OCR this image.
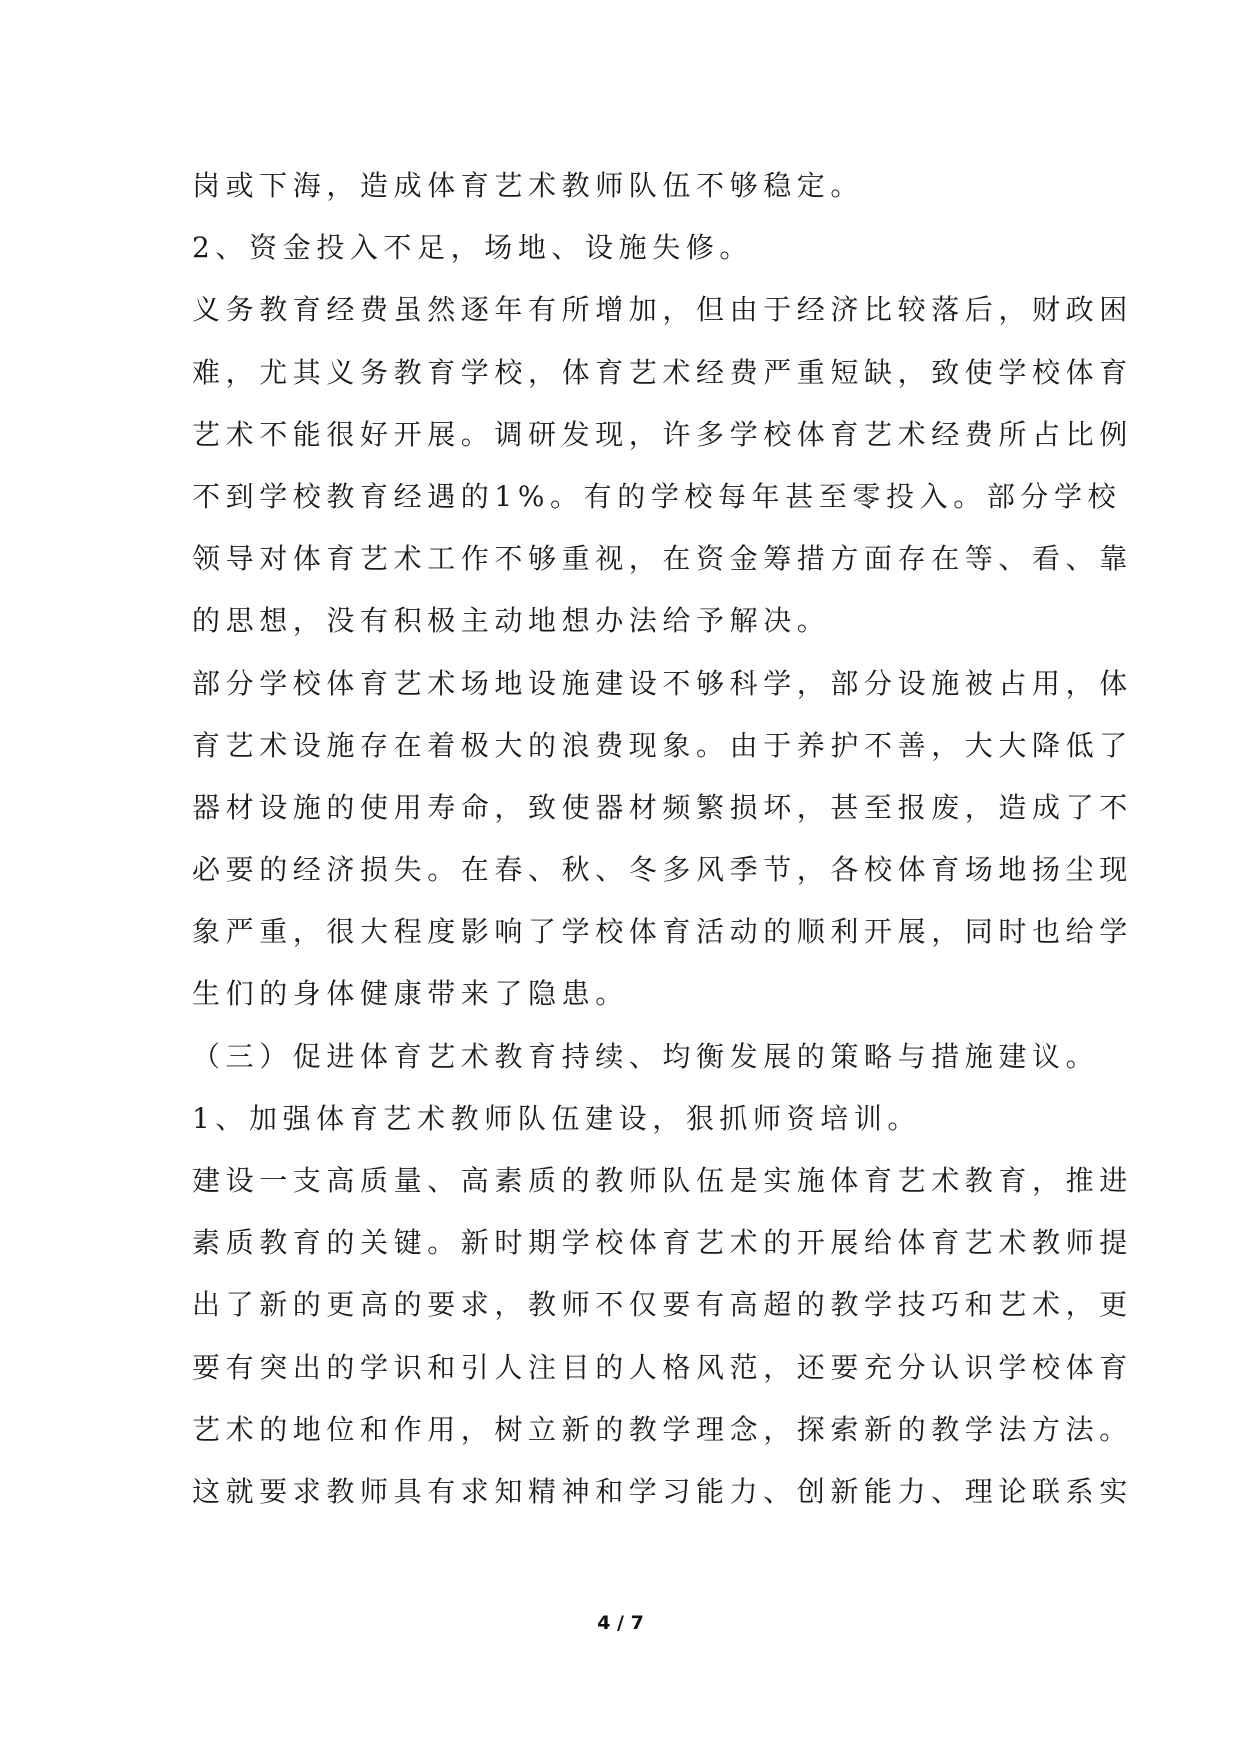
岗或下海，造成体育艺术教师队伍不够稳定。
2、资金投入不足，场地、设施失修。
义务教育经费虽然逐年有所增加，但由于经济比较落后，财政困
难，尤其义务教育学校，体育艺术经费严重短缺，致使学校体育
艺术不能很好开展。调研发现，许多学校体育艺术经费所占比例
不到学校教育经遇的1%。有的学校每年甚至零投入。部分学校
领导对体育艺术工作不够重视，在资金筹措方面存在等、看、靠
的思想，没有积极主动地想办法给予解决。
部分学校体育艺术场地设施建设不够科学，部分设施被占用，体
育艺术设施存在着极大的浪费现象。由于养护不善，大大降低了
器材设施的使用寿命，致使器材频繁损坏，甚至报废，造成了不
必要的经济损失。在春、秋、冬多风季节，各校体育场地扬尘现
象严重，很大程度影响了学校体育活动的顺利开展，同时也给学
生们的身体健康带来了隐患。
（三）促进体育艺术教育持续、均衡发展的策略与措施建议。
1、加强体育艺术教师队伍建设，狠抓师资培训。
建设一支高质量、高素质的教师队伍是实施体育艺术教育，推进
素质教育的关键。新时期学校体育艺术的开展给体育艺术教师提
出了新的更高的要求，教师不仅要有高超的教学技巧和艺术，更
要有突出的学识和引人注目的人格风范，还要充分认识学校体育
艺术的地位和作用，树立新的教学理念，探索新的教学法方法。
这就要求教师具有求知精神和学习能力、创新能力、理论联系实
4 / 7
